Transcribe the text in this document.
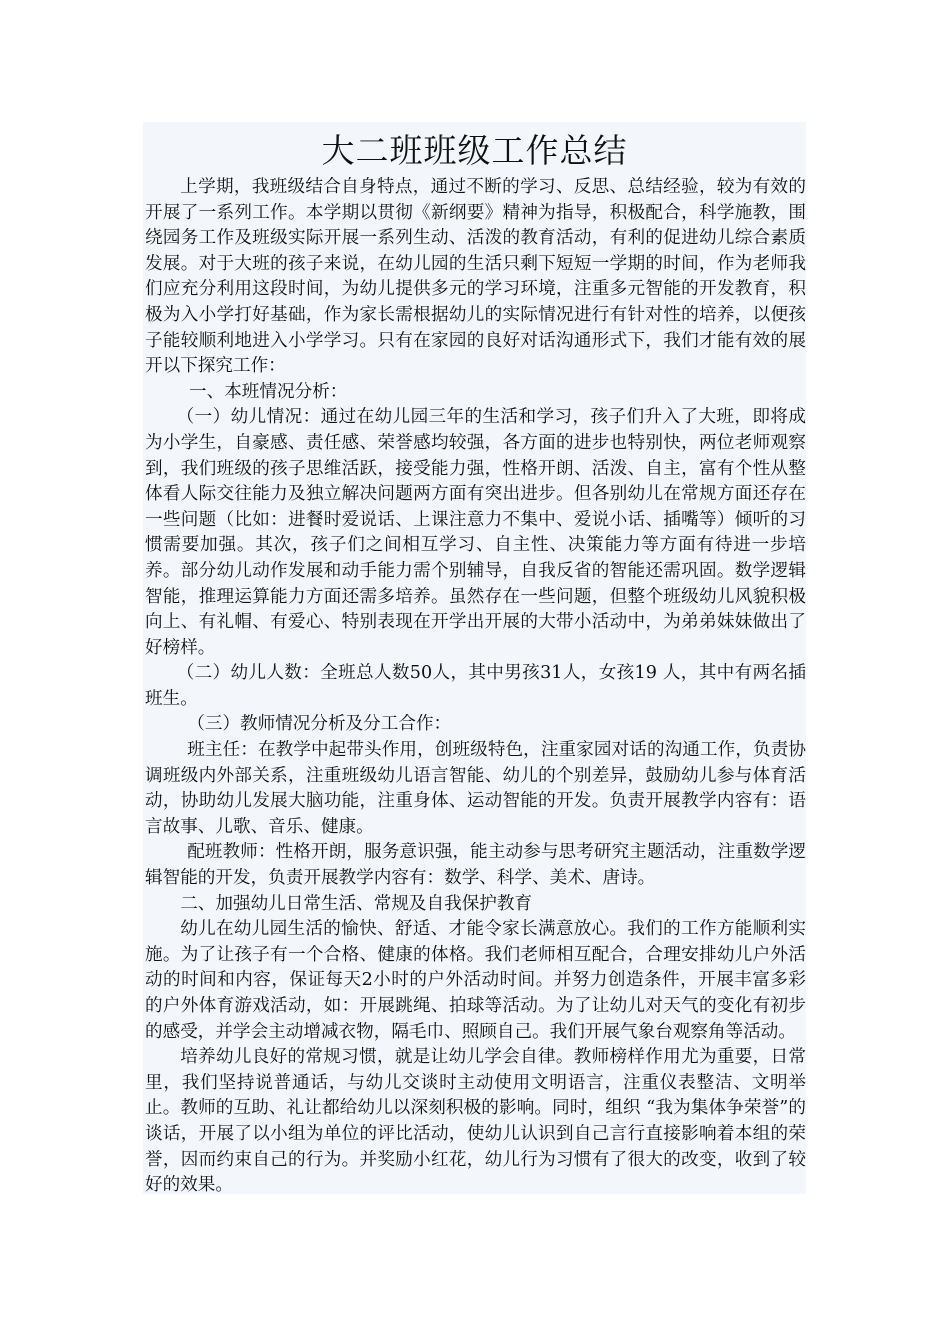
大二班班级工作总结

上学期，我班级结合自身特点，通过不断的学习、反思、总结经验，较为有效的开展了一系列工作。本学期以贯彻《新纲要》精神为指导，积极配合，科学施教，围绕园务工作及班级实际开展一系列生动、活泼的教育活动，有利的促进幼儿综合素质发展。对于大班的孩子来说，在幼儿园的生活只剩下短短一学期的时间，作为老师我们应充分利用这段时间，为幼儿提供多元的学习环境，注重多元智能的开发教育，积极为入小学打好基础，作为家长需根据幼儿的实际情况进行有针对性的培养，以便孩子能较顺利地进入小学学习。只有在家园的良好对话沟通形式下，我们才能有效的展开以下探究工作：

一、本班情况分析：

（一）幼儿情况：通过在幼儿园三年的生活和学习，孩子们升入了大班，即将成为小学生，自豪感、责任感、荣誉感均较强，各方面的进步也特别快，两位老师观察到，我们班级的孩子思维活跃，接受能力强，性格开朗、活泼、自主，富有个性从整体看人际交往能力及独立解决问题两方面有突出进步。但各别幼儿在常规方面还存在一些问题（比如：进餐时爱说话、上课注意力不集中、爱说小话、插嘴等）倾听的习惯需要加强。其次，孩子们之间相互学习、自主性、决策能力等方面有待进一步培养。部分幼儿动作发展和动手能力需个别辅导，自我反省的智能还需巩固。数学逻辑智能，推理运算能力方面还需多培养。虽然存在一些问题，但整个班级幼儿风貌积极向上、有礼帽、有爱心、特别表现在开学出开展的大带小活动中，为弟弟妹妹做出了好榜样。

（二）幼儿人数：全班总人数50人，其中男孩31人，女孩19 人，其中有两名插班生。

（三）教师情况分析及分工合作：

班主任：在教学中起带头作用，创班级特色，注重家园对话的沟通工作，负责协调班级内外部关系，注重班级幼儿语言智能、幼儿的个别差异，鼓励幼儿参与体育活动，协助幼儿发展大脑功能，注重身体、运动智能的开发。负责开展教学内容有：语言故事、儿歌、音乐、健康。

配班教师：性格开朗，服务意识强，能主动参与思考研究主题活动，注重数学逻辑智能的开发，负责开展教学内容有：数学、科学、美术、唐诗。

二、加强幼儿日常生活、常规及自我保护教育

幼儿在幼儿园生活的愉快、舒适、才能令家长满意放心。我们的工作方能顺利实施。为了让孩子有一个合格、健康的体格。我们老师相互配合，合理安排幼儿户外活动的时间和内容，保证每天2小时的户外活动时间。并努力创造条件，开展丰富多彩的户外体育游戏活动，如：开展跳绳、拍球等活动。为了让幼儿对天气的变化有初步的感受，并学会主动增减衣物，隔毛巾、照顾自己。我们开展气象台观察角等活动。

培养幼儿良好的常规习惯，就是让幼儿学会自律。教师榜样作用尤为重要，日常里，我们坚持说普通话，与幼儿交谈时主动使用文明语言，注重仪表整洁、文明举止。教师的互助、礼让都给幼儿以深刻积极的影响。同时，组织 “我为集体争荣誉”的谈话，开展了以小组为单位的评比活动，使幼儿认识到自己言行直接影响着本组的荣誉，因而约束自己的行为。并奖励小红花，幼儿行为习惯有了很大的改变，收到了较好的效果。
